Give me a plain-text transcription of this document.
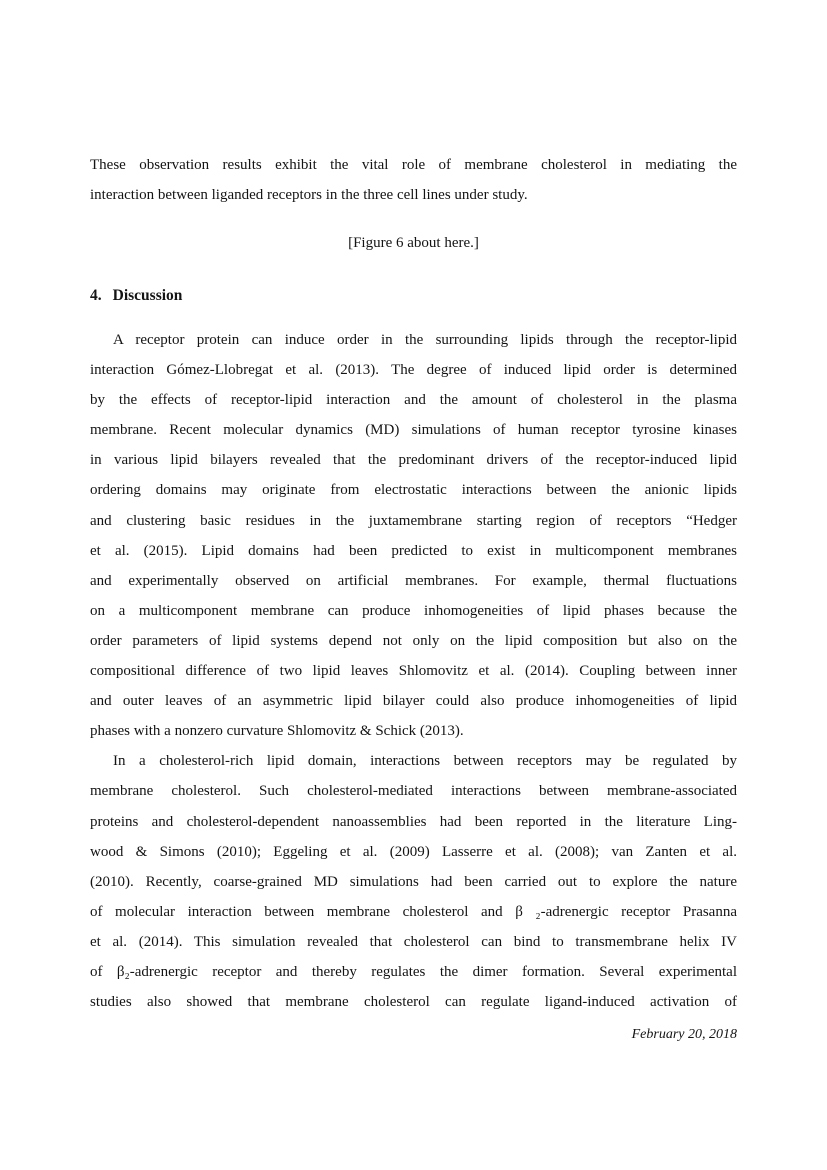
These observation results exhibit the vital role of membrane cholesterol in mediating the
interaction between liganded receptors in the three cell lines under study.
[Figure 6 about here.]
4. Discussion
A receptor protein can induce order in the surrounding lipids through the receptor-lipid
interaction Gómez-Llobregat et al. (2013). The degree of induced lipid order is determined
by the effects of receptor-lipid interaction and the amount of cholesterol in the plasma
membrane. Recent molecular dynamics (MD) simulations of human receptor tyrosine kinases
in various lipid bilayers revealed that the predominant drivers of the receptor-induced lipid
ordering domains may originate from electrostatic interactions between the anionic lipids
and clustering basic residues in the juxtamembrane starting region of receptors “Hedger
et al. (2015). Lipid domains had been predicted to exist in multicomponent membranes
and experimentally observed on artificial membranes. For example, thermal fluctuations
on a multicomponent membrane can produce inhomogeneities of lipid phases because the
order parameters of lipid systems depend not only on the lipid composition but also on the
compositional difference of two lipid leaves Shlomovitz et al. (2014). Coupling between inner
and outer leaves of an asymmetric lipid bilayer could also produce inhomogeneities of lipid
phases with a nonzero curvature Shlomovitz & Schick (2013).
In a cholesterol-rich lipid domain, interactions between receptors may be regulated by
membrane cholesterol. Such cholesterol-mediated interactions between membrane-associated
proteins and cholesterol-dependent nanoassemblies had been reported in the literature Ling-
wood & Simons (2010); Eggeling et al. (2009) Lasserre et al. (2008); van Zanten et al.
(2010). Recently, coarse-grained MD simulations had been carried out to explore the nature
of molecular interaction between membrane cholesterol and β ₂-adrenergic receptor Prasanna
et al. (2014). This simulation revealed that cholesterol can bind to transmembrane helix IV
of β₂-adrenergic receptor and thereby regulates the dimer formation. Several experimental
studies also showed that membrane cholesterol can regulate ligand-induced activation of
February 20, 2018
